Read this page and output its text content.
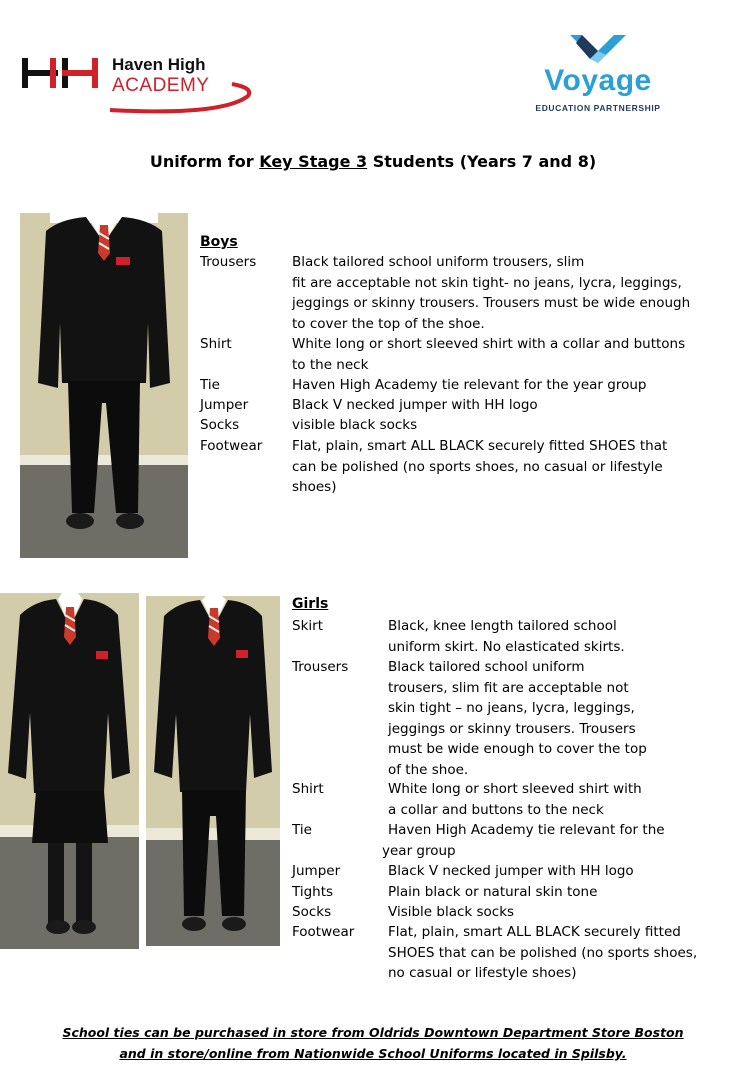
Haven High
ACADEMY	Voyage
EDUCATION PARTNERSHIP
Uniform for Key Stage 3 Students (Years 7 and 8)
Boys
Trousers	Black tailored school uniform trousers, slim
fit are acceptable not skin tight- no jeans, lycra, leggings,
jeggings or skinny trousers. Trousers must be wide enough
to cover the top of the shoe.
Shirt	White long or short sleeved shirt with a collar and buttons
to the neck
Tie	Haven High Academy tie relevant for the year group
Jumper	Black V necked jumper with HH logo
Socks	visible black socks
Footwear Flat, plain, smart ALL BLACK securely fitted SHOES that
can be polished (no sports shoes, no casual or lifestyle
shoes)
Girls
Skirt	Black, knee length tailored school
uniform skirt. No elasticated skirts.
Trousers	Black tailored school uniform
trousers, slim fit are acceptable not
skin tight – no jeans, lycra, leggings,
jeggings or skinny trousers. Trousers
must be wide enough to cover the top
of the shoe.
Shirt	White long or short sleeved shirt with
a collar and buttons to the neck
Tie	Haven High Academy tie relevant for the
year group
Jumper	Black V necked jumper with HH logo
Tights	Plain black or natural skin tone
Socks	Visible black socks
Footwear Flat, plain, smart ALL BLACK securely fitted
SHOES that can be polished (no sports shoes,
no casual or lifestyle shoes)
School ties can be purchased in store from Oldrids Downtown Department Store Boston
and in store/online from Nationwide School Uniforms located in Spilsby.
